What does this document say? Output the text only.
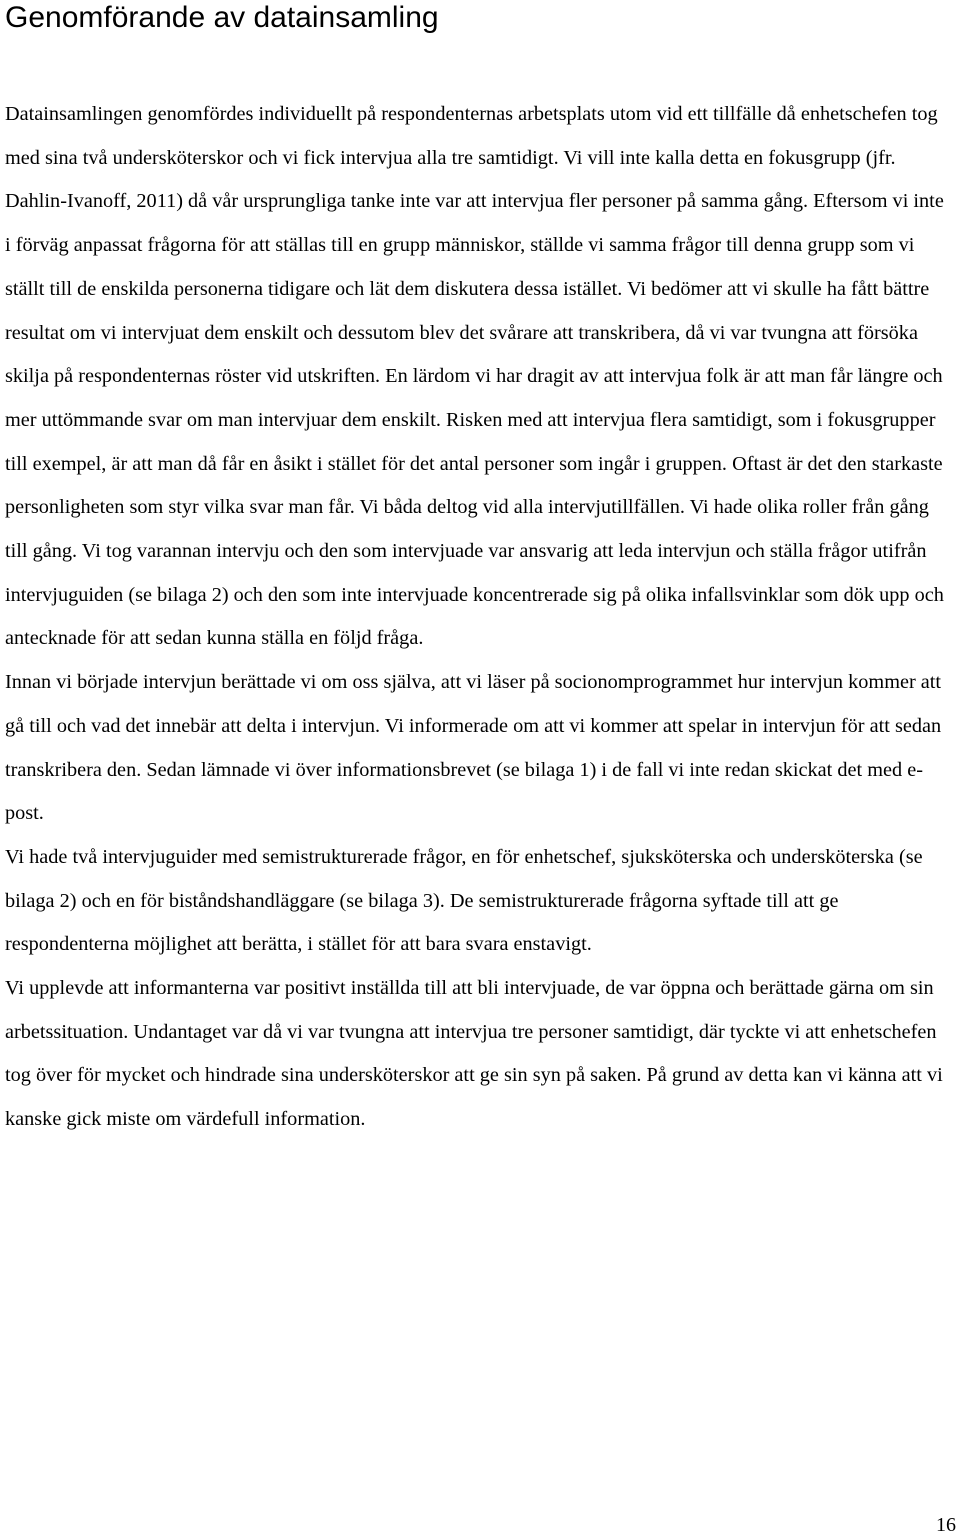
Genomförande av datainsamling

Datainsamlingen genomfördes individuellt på respondenternas arbetsplats utom vid ett tillfälle då enhetschefen tog med sina två undersköterskor och vi fick intervjua alla tre samtidigt. Vi vill inte kalla detta en fokusgrupp (jfr. Dahlin-Ivanoff, 2011) då vår ursprungliga tanke inte var att intervjua fler personer på samma gång. Eftersom vi inte i förväg anpassat frågorna för att ställas till en grupp människor, ställde vi samma frågor till denna grupp som vi ställt till de enskilda personerna tidigare och lät dem diskutera dessa istället. Vi bedömer att vi skulle ha fått bättre resultat om vi intervjuat dem enskilt och dessutom blev det svårare att transkribera, då vi var tvungna att försöka skilja på respondenternas röster vid utskriften. En lärdom vi har dragit av att intervjua folk är att man får längre och mer uttömmande svar om man intervjuar dem enskilt. Risken med att intervjua flera samtidigt, som i fokusgrupper till exempel, är att man då får en åsikt i stället för det antal personer som ingår i gruppen. Oftast är det den starkaste personligheten som styr vilka svar man får. Vi båda deltog vid alla intervjutillfällen. Vi hade olika roller från gång till gång. Vi tog varannan intervju och den som intervjuade var ansvarig att leda intervjun och ställa frågor utifrån intervjuguiden (se bilaga 2) och den som inte intervjuade koncentrerade sig på olika infallsvinklar som dök upp och antecknade för att sedan kunna ställa en följd fråga.

Innan vi började intervjun berättade vi om oss själva, att vi läser på socionomprogrammet hur intervjun kommer att gå till och vad det innebär att delta i intervjun. Vi informerade om att vi kommer att spelar in intervjun för att sedan transkribera den. Sedan lämnade vi över informationsbrevet (se bilaga 1) i de fall vi inte redan skickat det med e-post.

Vi hade två intervjuguider med semistrukturerade frågor, en för enhetschef, sjuksköterska och undersköterska (se bilaga 2) och en för biståndshandläggare (se bilaga 3). De semistrukturerade frågorna syftade till att ge respondenterna möjlighet att berätta, i stället för att bara svara enstavigt.

Vi upplevde att informanterna var positivt inställda till att bli intervjuade, de var öppna och berättade gärna om sin arbetssituation. Undantaget var då vi var tvungna att intervjua tre personer samtidigt, där tyckte vi att enhetschefen tog över för mycket och hindrade sina undersköterskor att ge sin syn på saken. På grund av detta kan vi känna att vi kanske gick miste om värdefull information.

16
